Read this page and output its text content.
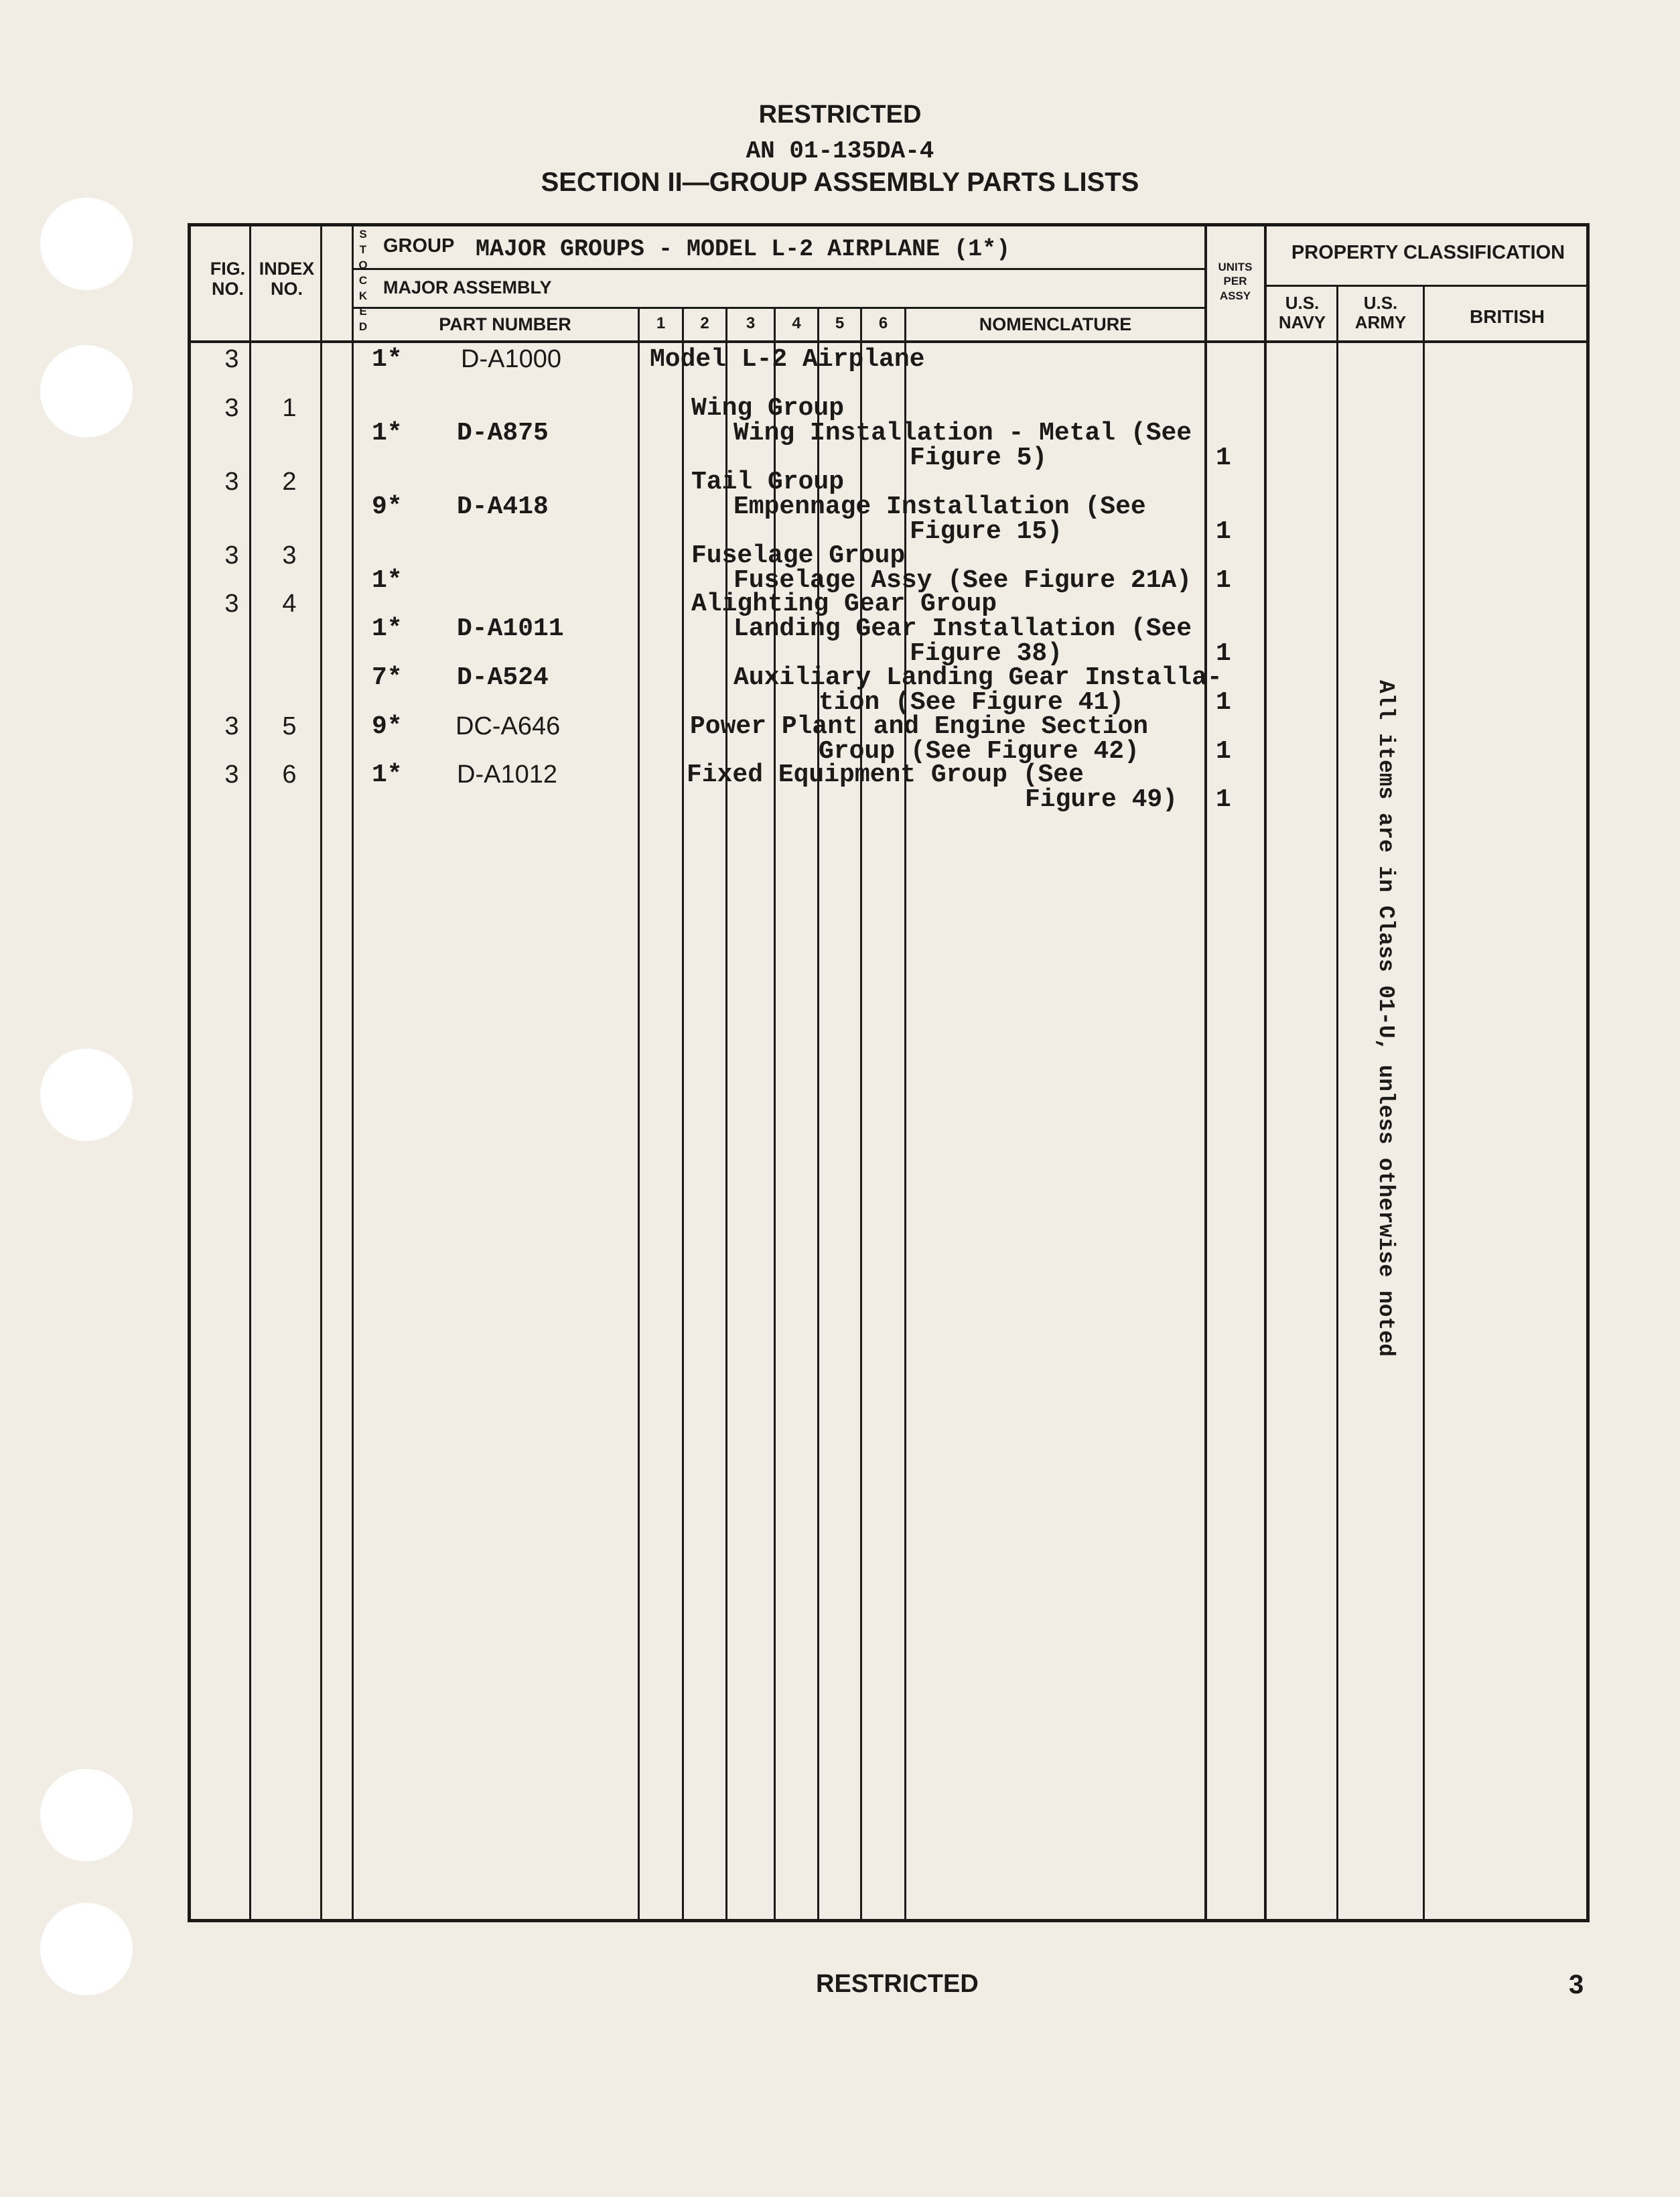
RESTRICTED
AN 01-135DA-4
SECTION II—GROUP ASSEMBLY PARTS LISTS
FIG. NO.
INDEX NO.
S
T
O
C
K
E
D
GROUP MAJOR GROUPS - MODEL L-2 AIRPLANE (1*)
MAJOR ASSEMBLY
PART NUMBER	1	2	3	4	5	6	NOMENCLATURE
UNITS PER ASSY
PROPERTY CLASSIFICATION
U.S. NAVY
U.S. ARMY	BRITISH
3	1* D-A1000	Model L-2 Airplane
3	1	Wing Group
1* D-A875	Wing Installation - Metal (See
Figure 5)	1
3	2	Tail Group
9* D-A418	Empennage Installation (See
Figure 15)	1
3	3	Fuselage Group
1*	Fuselage Assy (See Figure 21A) 1
3	4	Alighting Gear Group
1* D-A1011	Landing Gear Installation (See
Figure 38)	1
7* D-A524	Auxiliary Landing Gear Installa-
tion (See Figure 41)	1
3	5	9* DC-A646	Power Plant and Engine Section
Group (See Figure 42)	1
3	6	1* D-A1012	Fixed Equipment Group (See
Figure 49) 1	All items are in Class 01-U, unless otherwise noted
RESTRICTED	3
